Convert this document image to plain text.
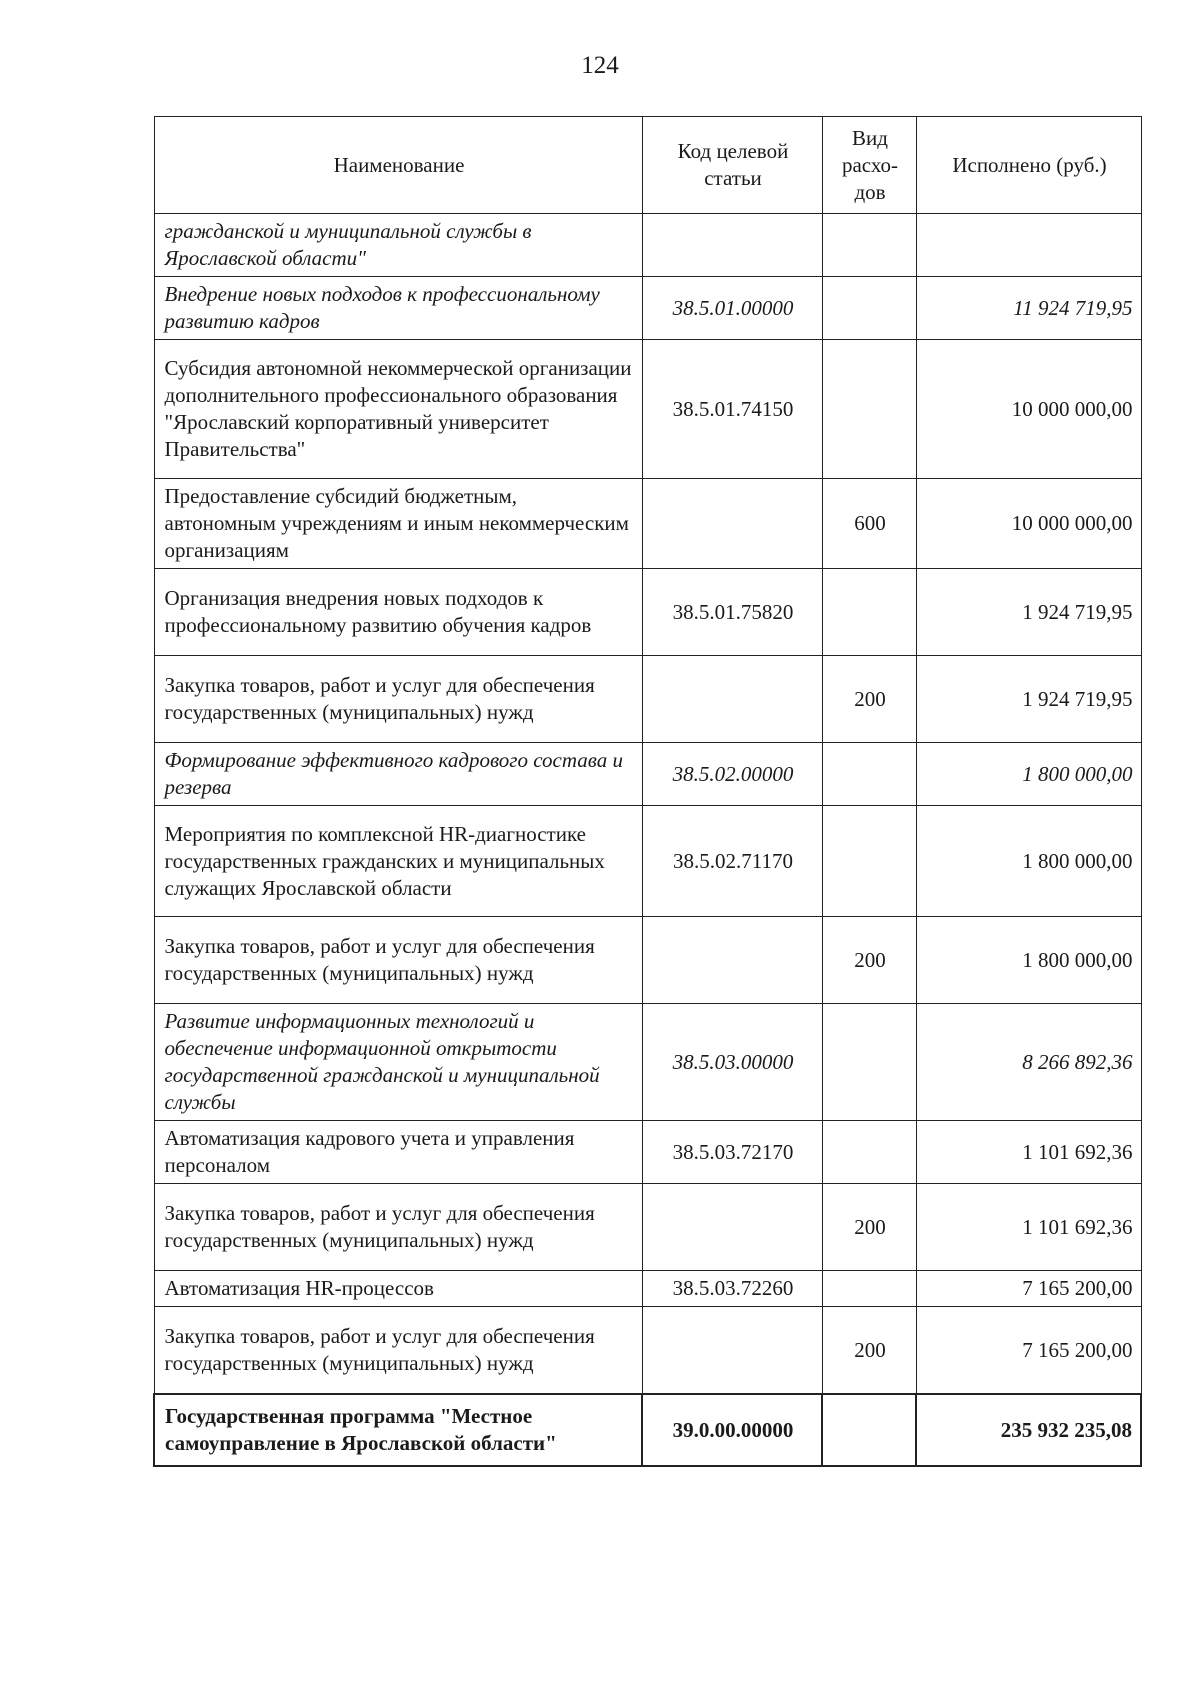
124
Наименование	Код целевой статьи	Вид расхо-дов	Исполнено (руб.)
гражданской и муниципальной службы в Ярославской области"			
Внедрение новых подходов к профессиональному развитию кадров	38.5.01.00000		11 924 719,95
Субсидия автономной некоммерческой организации дополнительного профессионального образования "Ярославский корпоративный университет Правительства"	38.5.01.74150		10 000 000,00
Предоставление субсидий бюджетным, автономным учреждениям и иным некоммерческим организациям		600	10 000 000,00
Организация внедрения новых подходов к профессиональному развитию обучения кадров	38.5.01.75820		1 924 719,95
Закупка товаров, работ и услуг для обеспечения государственных (муниципальных) нужд		200	1 924 719,95
Формирование эффективного кадрового состава и резерва	38.5.02.00000		1 800 000,00
Мероприятия по комплексной HR-диагностике государственных гражданских и муниципальных служащих Ярославской области	38.5.02.71170		1 800 000,00
Закупка товаров, работ и услуг для обеспечения государственных (муниципальных) нужд		200	1 800 000,00
Развитие информационных технологий и обеспечение информационной открытости государственной гражданской и муниципальной службы	38.5.03.00000		8 266 892,36
Автоматизация кадрового учета и управления персоналом	38.5.03.72170		1 101 692,36
Закупка товаров, работ и услуг для обеспечения государственных (муниципальных) нужд		200	1 101 692,36
Автоматизация HR-процессов	38.5.03.72260		7 165 200,00
Закупка товаров, работ и услуг для обеспечения государственных (муниципальных) нужд		200	7 165 200,00
Государственная программа "Местное самоуправление в Ярославской области"	39.0.00.00000		235 932 235,08
